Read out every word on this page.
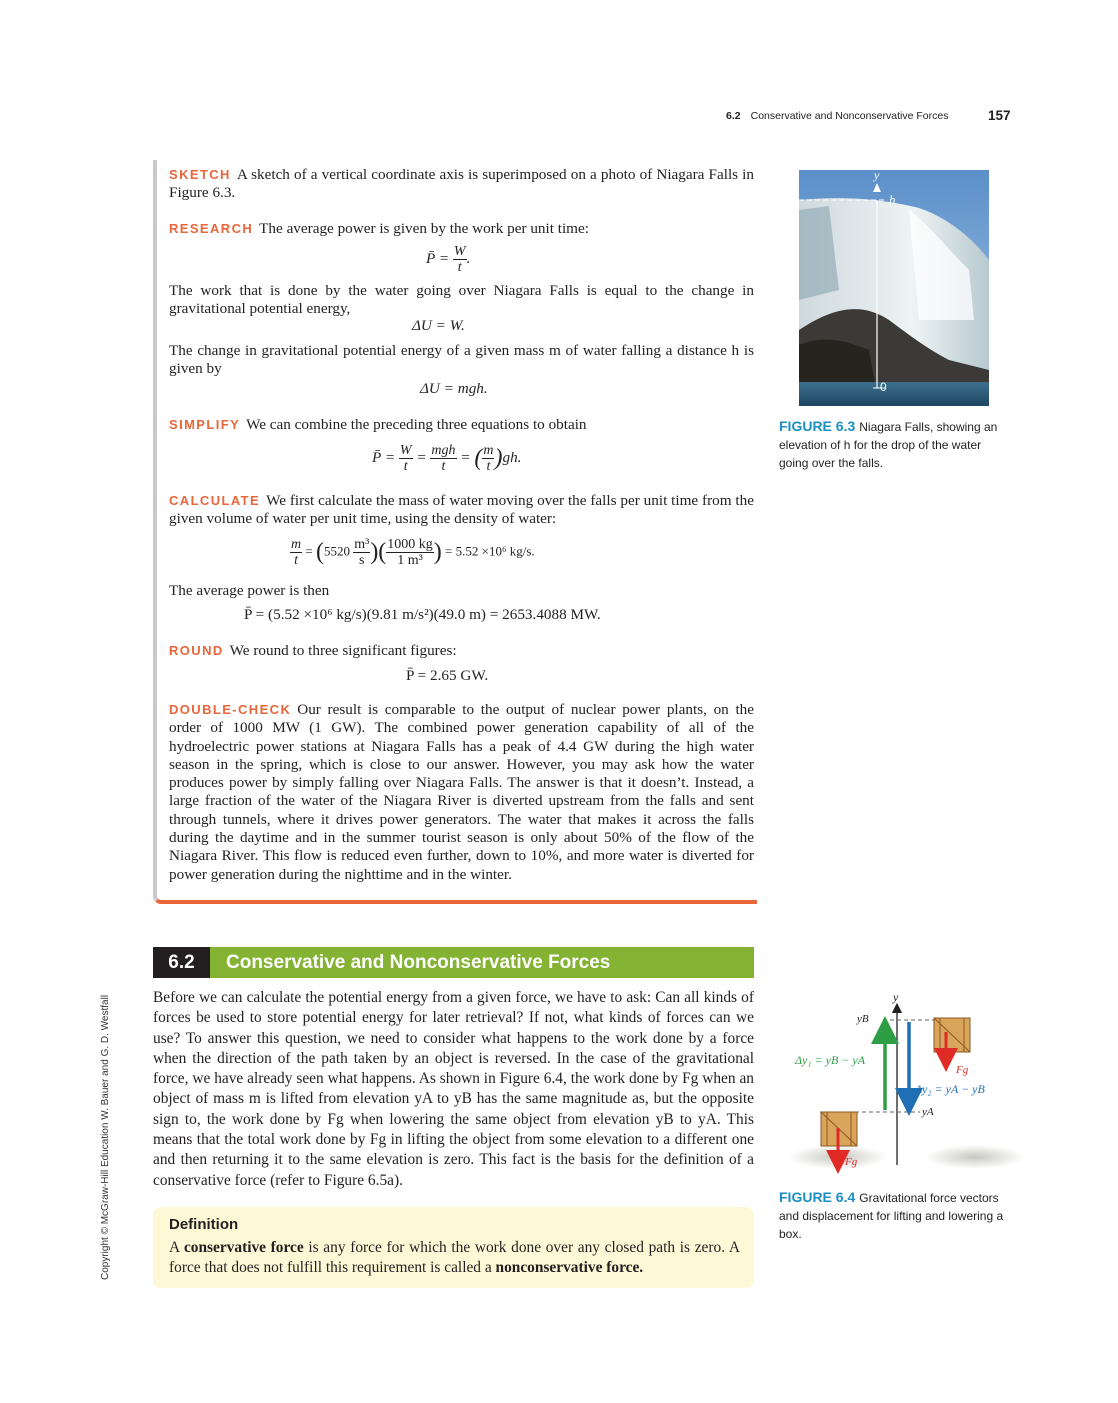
6.2 Conservative and Nonconservative Forces	157
Copyright © McGraw-Hill Education W. Bauer and G. D. Westfall
SKETCH A sketch of a vertical coordinate axis is superimposed on a photo of Niagara Falls in Figure 6.3.
RESEARCH The average power is given by the work per unit time:
P̄ = $\frac{W}{t}$ .
The work that is done by the water going over Niagara Falls is equal to the change in gravitational potential energy,
ΔU = W.
The change in gravitational potential energy of a given mass m of water falling a distance h is given by
ΔU = mgh.
SIMPLIFY We can combine the preceding three equations to obtain
P̄ = $\frac{W}{t} = \frac{\text{mgh}}{t}$ = ( $\frac{m}{t} )gh$.
CALCULATE We first calculate the mass of water moving over the falls per unit time from the given volume of water per unit time, using the density of water:
$\frac{m}{t} = (5520 \frac{\text{m³}}{s}$ )( $\frac{1000 kg}{\text{1 m³}}$ ) = 5.52 ×10⁶ kg/s.
The average power is then
P̄ = (5.52 ×10⁶ kg/s)(9.81 m/s²)(49.0 m) = 2653.4088 MW.
ROUND We round to three significant figures:
P̄ = 2.65 GW.
DOUBLE-CHECK Our result is comparable to the output of nuclear power plants, on the order of 1000 MW (1 GW). The combined power generation capability of all of the hydroelectric power stations at Niagara Falls has a peak of 4.4 GW during the high water season in the spring, which is close to our answer. However, you may ask how the water produces power by simply falling over Niagara Falls. The answer is that it doesn’t. Instead, a large fraction of the water of the Niagara River is diverted upstream from the falls and sent through tunnels, where it drives power generators. The water that makes it across the falls during the daytime and in the summer tourist season is only about 50% of the flow of the Niagara River. This flow is reduced even further, down to 10%, and more water is diverted for power generation during the nighttime and in the winter.
y
h
0
FIGURE 6.3 Niagara Falls, showing an elevation of h for the drop of the water going over the falls.
6.2	Conservative and Nonconservative Forces
Before we can calculate the potential energy from a given force, we have to ask: Can all kinds of forces be used to store potential energy for later retrieval? If not, what kinds of forces can we use? To answer this question, we need to consider what happens to the work done by a force when the direction of the path taken by an object is reversed. In the case of the gravitational force, we have already seen what happens. As shown in Figure 6.4, the work done by Fg when an object of mass m is lifted from elevation yA to yB has the same magnitude as, but the opposite sign to, the work done by Fg when lowering the same object from elevation yB to yA. This means that the total work done by Fg in lifting the object from some elevation to a different one and then returning it to the same elevation is zero. This fact is the basis for the definition of a conservative force (refer to Figure 6.5a).
Definition
A conservative force is any force for which the work done over any closed path is zero. A force that does not fulfill this requirement is called a nonconservative force.
y
yB
yA
Δy₁ = yB − yA
Δy₂ = yA − yB
Fg
Fg
FIGURE 6.4 Gravitational force vectors and displacement for lifting and lowering a box.
